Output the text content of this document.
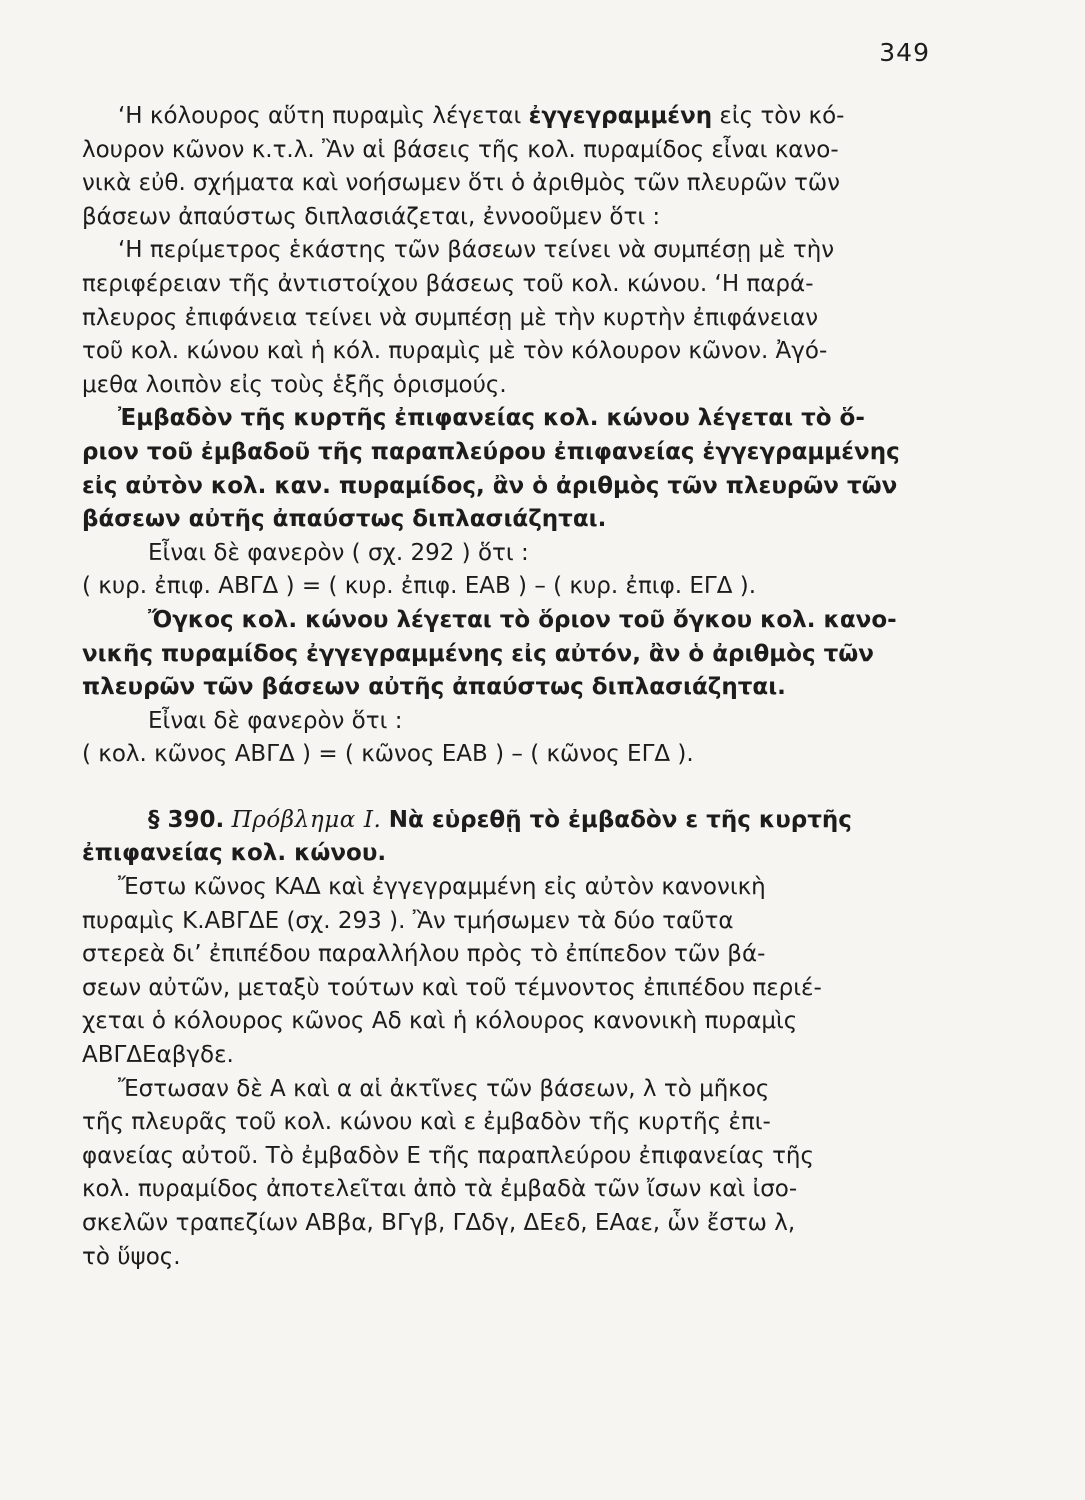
349
‘Η κόλουρος αὕτη πυραμὶς λέγεται ἐγγεγραμμένη εἰς τὸν κό-
λουρον κῶνον κ.τ.λ. Ἂν αἱ βάσεις τῆς κολ. πυραμίδος εἶναι κανο-
νικὰ εὐθ. σχήματα καὶ νοήσωμεν ὅτι ὁ ἀριθμὸς τῶν πλευρῶν τῶν
βάσεων ἀπαύστως διπλασιάζεται, ἐννοοῦμεν ὅτι :
‘Η περίμετρος ἑκάστης τῶν βάσεων τείνει νὰ συμπέσῃ μὲ τὴν
περιφέρειαν τῆς ἀντιστοίχου βάσεως τοῦ κολ. κώνου. ‘Η παρά-
πλευρος ἐπιφάνεια τείνει νὰ συμπέσῃ μὲ τὴν κυρτὴν ἐπιφάνειαν
τοῦ κολ. κώνου καὶ ἡ κόλ. πυραμὶς μὲ τὸν κόλουρον κῶνον. Ἀγό-
μεθα λοιπὸν εἰς τοὺς ἑξῆς ὁρισμούς.
Ἐμβαδὸν τῆς κυρτῆς ἐπιφανείας κολ. κώνου λέγεται τὸ ὅ-
ριον τοῦ ἐμβαδοῦ τῆς παραπλεύρου ἐπιφανείας ἐγγεγραμμένης
εἰς αὐτὸν κολ. καν. πυραμίδος, ἂν ὁ ἀριθμὸς τῶν πλευρῶν τῶν
βάσεων αὐτῆς ἀπαύστως διπλασιάζηται.
Εἶναι δὲ φανερὸν ( σχ. 292 ) ὅτι :
( κυρ. ἐπιφ. ΑΒΓΔ ) = ( κυρ. ἐπιφ. ΕΑΒ ) – ( κυρ. ἐπιφ. ΕΓΔ ).
Ὄγκος κολ. κώνου λέγεται τὸ ὅριον τοῦ ὄγκου κολ. κανο-
νικῆς πυραμίδος ἐγγεγραμμένης εἰς αὐτόν, ἂν ὁ ἀριθμὸς τῶν
πλευρῶν τῶν βάσεων αὐτῆς ἀπαύστως διπλασιάζηται.
Εἶναι δὲ φανερὸν ὅτι :
( κολ. κῶνος ΑΒΓΔ ) = ( κῶνος ΕΑΒ ) – ( κῶνος ΕΓΔ ).
§ 390. Πρόβλημα Ι. Νὰ εὑρεθῇ τὸ ἐμβαδὸν ε τῆς κυρτῆς
ἐπιφανείας κολ. κώνου.
Ἔστω κῶνος ΚΑΔ καὶ ἐγγεγραμμένη εἰς αὐτὸν κανονικὴ
πυραμὶς Κ.ΑΒΓΔΕ (σχ. 293 ). Ἂν τμήσωμεν τὰ δύο ταῦτα
στερεὰ δι’ ἐπιπέδου παραλλήλου πρὸς τὸ ἐπίπεδον τῶν βά-
σεων αὐτῶν, μεταξὺ τούτων καὶ τοῦ τέμνοντος ἐπιπέδου περιέ-
χεται ὁ κόλουρος κῶνος Αδ καὶ ἡ κόλουρος κανονικὴ πυραμὶς
ΑΒΓΔΕαβγδε.
Ἔστωσαν δὲ Α καὶ α αἱ ἀκτῖνες τῶν βάσεων, λ τὸ μῆκος
τῆς πλευρᾶς τοῦ κολ. κώνου καὶ ε ἐμβαδὸν τῆς κυρτῆς ἐπι-
φανείας αὐτοῦ. Τὸ ἐμβαδὸν Ε τῆς παραπλεύρου ἐπιφανείας τῆς
κολ. πυραμίδος ἀποτελεῖται ἀπὸ τὰ ἐμβαδὰ τῶν ἴσων καὶ ἰσο-
σκελῶν τραπεζίων ΑΒβα, ΒΓγβ, ΓΔδγ, ΔΕεδ, ΕΑαε, ὧν ἔστω λ,
τὸ ὕψος.
